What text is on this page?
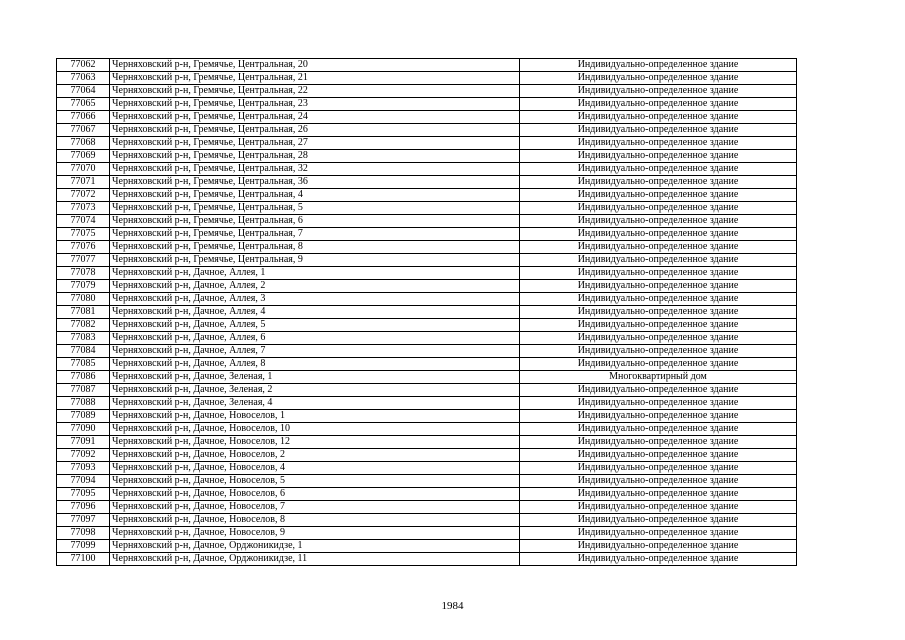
77062	Черняховский р-н, Гремячье, Центральная, 20	Индивидуально-определенное здание
77063	Черняховский р-н, Гремячье, Центральная, 21	Индивидуально-определенное здание
77064	Черняховский р-н, Гремячье, Центральная, 22	Индивидуально-определенное здание
77065	Черняховский р-н, Гремячье, Центральная, 23	Индивидуально-определенное здание
77066	Черняховский р-н, Гремячье, Центральная, 24	Индивидуально-определенное здание
77067	Черняховский р-н, Гремячье, Центральная, 26	Индивидуально-определенное здание
77068	Черняховский р-н, Гремячье, Центральная, 27	Индивидуально-определенное здание
77069	Черняховский р-н, Гремячье, Центральная, 28	Индивидуально-определенное здание
77070	Черняховский р-н, Гремячье, Центральная, 32	Индивидуально-определенное здание
77071	Черняховский р-н, Гремячье, Центральная, 36	Индивидуально-определенное здание
77072	Черняховский р-н, Гремячье, Центральная, 4	Индивидуально-определенное здание
77073	Черняховский р-н, Гремячье, Центральная, 5	Индивидуально-определенное здание
77074	Черняховский р-н, Гремячье, Центральная, 6	Индивидуально-определенное здание
77075	Черняховский р-н, Гремячье, Центральная, 7	Индивидуально-определенное здание
77076	Черняховский р-н, Гремячье, Центральная, 8	Индивидуально-определенное здание
77077	Черняховский р-н, Гремячье, Центральная, 9	Индивидуально-определенное здание
77078	Черняховский р-н, Дачное, Аллея, 1	Индивидуально-определенное здание
77079	Черняховский р-н, Дачное, Аллея, 2	Индивидуально-определенное здание
77080	Черняховский р-н, Дачное, Аллея, 3	Индивидуально-определенное здание
77081	Черняховский р-н, Дачное, Аллея, 4	Индивидуально-определенное здание
77082	Черняховский р-н, Дачное, Аллея, 5	Индивидуально-определенное здание
77083	Черняховский р-н, Дачное, Аллея, 6	Индивидуально-определенное здание
77084	Черняховский р-н, Дачное, Аллея, 7	Индивидуально-определенное здание
77085	Черняховский р-н, Дачное, Аллея, 8	Индивидуально-определенное здание
77086	Черняховский р-н, Дачное, Зеленая, 1	Многоквартирный дом
77087	Черняховский р-н, Дачное, Зеленая, 2	Индивидуально-определенное здание
77088	Черняховский р-н, Дачное, Зеленая, 4	Индивидуально-определенное здание
77089	Черняховский р-н, Дачное, Новоселов, 1	Индивидуально-определенное здание
77090	Черняховский р-н, Дачное, Новоселов, 10	Индивидуально-определенное здание
77091	Черняховский р-н, Дачное, Новоселов, 12	Индивидуально-определенное здание
77092	Черняховский р-н, Дачное, Новоселов, 2	Индивидуально-определенное здание
77093	Черняховский р-н, Дачное, Новоселов, 4	Индивидуально-определенное здание
77094	Черняховский р-н, Дачное, Новоселов, 5	Индивидуально-определенное здание
77095	Черняховский р-н, Дачное, Новоселов, 6	Индивидуально-определенное здание
77096	Черняховский р-н, Дачное, Новоселов, 7	Индивидуально-определенное здание
77097	Черняховский р-н, Дачное, Новоселов, 8	Индивидуально-определенное здание
77098	Черняховский р-н, Дачное, Новоселов, 9	Индивидуально-определенное здание
77099	Черняховский р-н, Дачное, Орджоникидзе, 1	Индивидуально-определенное здание
77100	Черняховский р-н, Дачное, Орджоникидзе, 11	Индивидуально-определенное здание
1984
